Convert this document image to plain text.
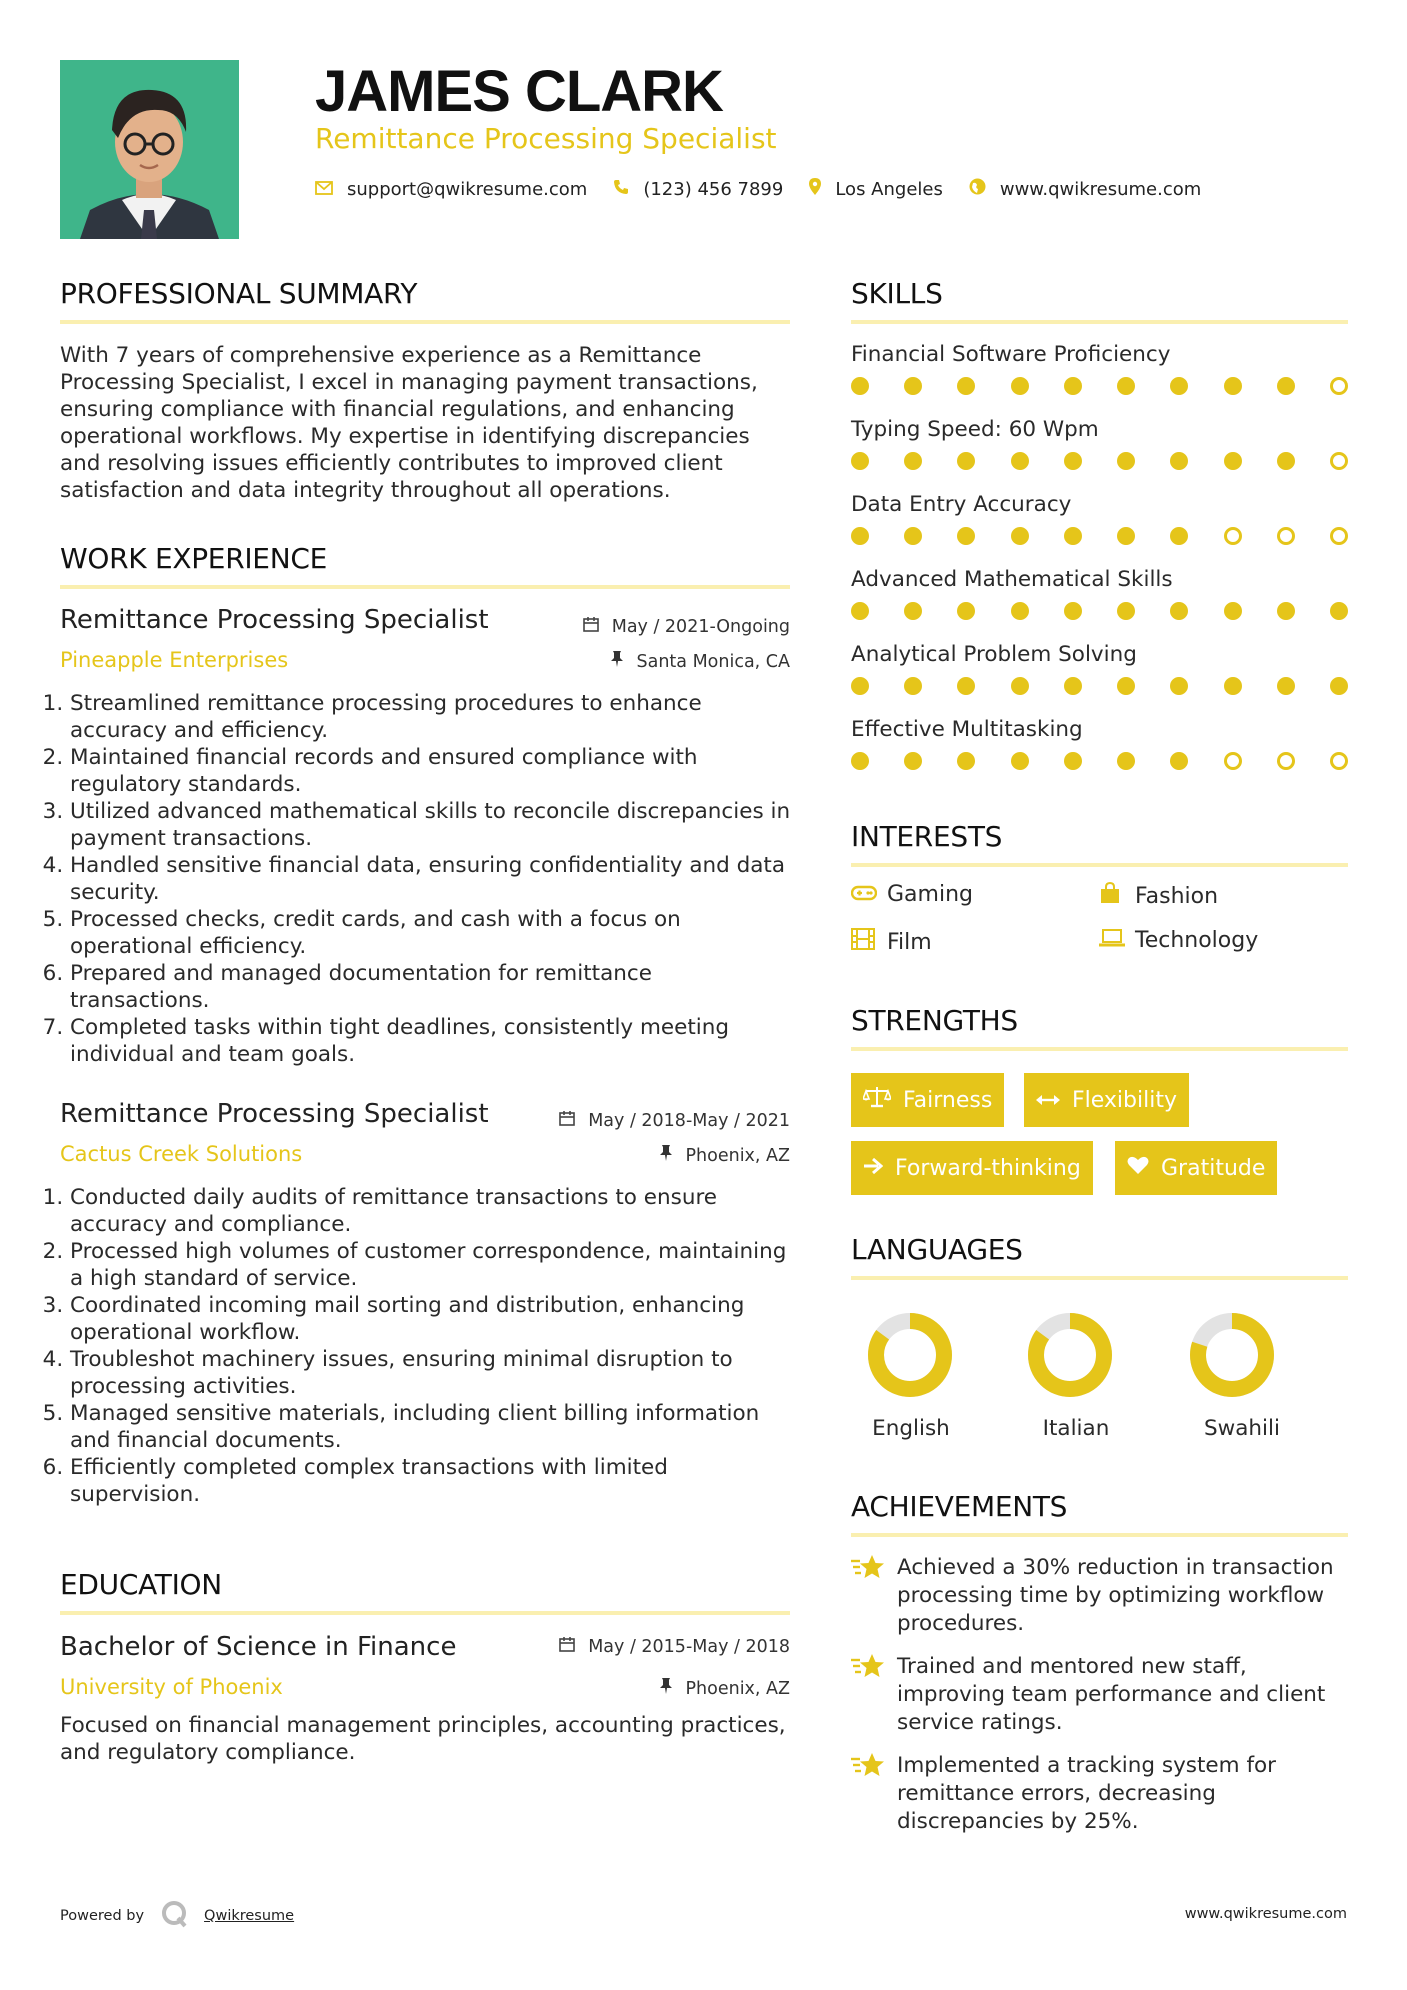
JAMES CLARK
Remittance Processing Specialist
support@qwikresume.com	(123) 456 7899	Los Angeles	www.qwikresume.com
PROFESSIONAL SUMMARY
With 7 years of comprehensive experience as a Remittance Processing Specialist, I excel in managing payment transactions, ensuring compliance with financial regulations, and enhancing operational workflows. My expertise in identifying discrepancies and resolving issues efficiently contributes to improved client satisfaction and data integrity throughout all operations.
WORK EXPERIENCE
Remittance Processing Specialist	May / 2021-Ongoing
Pineapple Enterprises	Santa Monica, CA
1. Streamlined remittance processing procedures to enhance accuracy and efficiency.
2. Maintained financial records and ensured compliance with regulatory standards.
3. Utilized advanced mathematical skills to reconcile discrepancies in payment transactions.
4. Handled sensitive financial data, ensuring confidentiality and data security.
5. Processed checks, credit cards, and cash with a focus on operational efficiency.
6. Prepared and managed documentation for remittance transactions.
7. Completed tasks within tight deadlines, consistently meeting individual and team goals.
Remittance Processing Specialist	May / 2018-May / 2021
Cactus Creek Solutions	Phoenix, AZ
1. Conducted daily audits of remittance transactions to ensure accuracy and compliance.
2. Processed high volumes of customer correspondence, maintaining a high standard of service.
3. Coordinated incoming mail sorting and distribution, enhancing operational workflow.
4. Troubleshot machinery issues, ensuring minimal disruption to processing activities.
5. Managed sensitive materials, including client billing information and financial documents.
6. Efficiently completed complex transactions with limited supervision.
EDUCATION
Bachelor of Science in Finance	May / 2015-May / 2018
University of Phoenix	Phoenix, AZ
Focused on financial management principles, accounting practices, and regulatory compliance.
SKILLS
Financial Software Proficiency
Typing Speed: 60 Wpm
Data Entry Accuracy
Advanced Mathematical Skills
Analytical Problem Solving
Effective Multitasking
INTERESTS
Gaming	Fashion
Film	Technology
STRENGTHS
Fairness	Flexibility
Forward-thinking	Gratitude
LANGUAGES
English	Italian	Swahili
ACHIEVEMENTS
Achieved a 30% reduction in transaction processing time by optimizing workflow procedures.
Trained and mentored new staff, improving team performance and client service ratings.
Implemented a tracking system for remittance errors, decreasing discrepancies by 25%.
Powered by	Qwikresume	www.qwikresume.com
